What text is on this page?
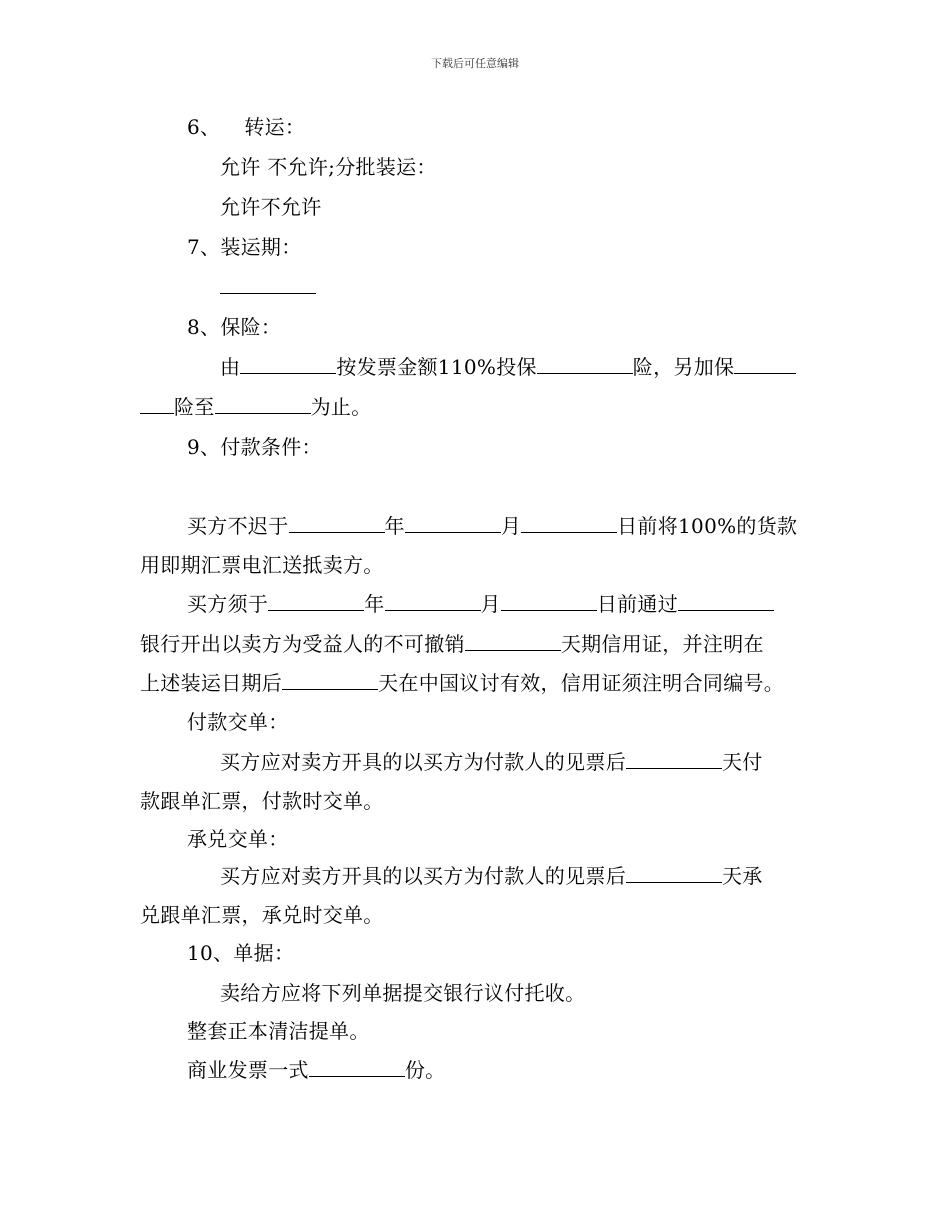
下载后可任意编辑
6、 转运：
允许 不允许;分批装运：
允许不允许
7、装运期：
8、保险：
由	按发票金额110%投保	险，另加保
险至	为止。
9、付款条件：
买方不迟于	年	月	日前将100%的货款
用即期汇票电汇送抵卖方。
买方须于	年	月	日前通过
银行开出以卖方为受益人的不可撤销	天期信用证，并注明在
上述装运日期后	天在中国议讨有效，信用证须注明合同编号。
付款交单：
买方应对卖方开具的以买方为付款人的见票后	天付
款跟单汇票，付款时交单。
承兑交单：
买方应对卖方开具的以买方为付款人的见票后	天承
兑跟单汇票，承兑时交单。
10、单据：
卖给方应将下列单据提交银行议付托收。
整套正本清洁提单。
商业发票一式	份。
